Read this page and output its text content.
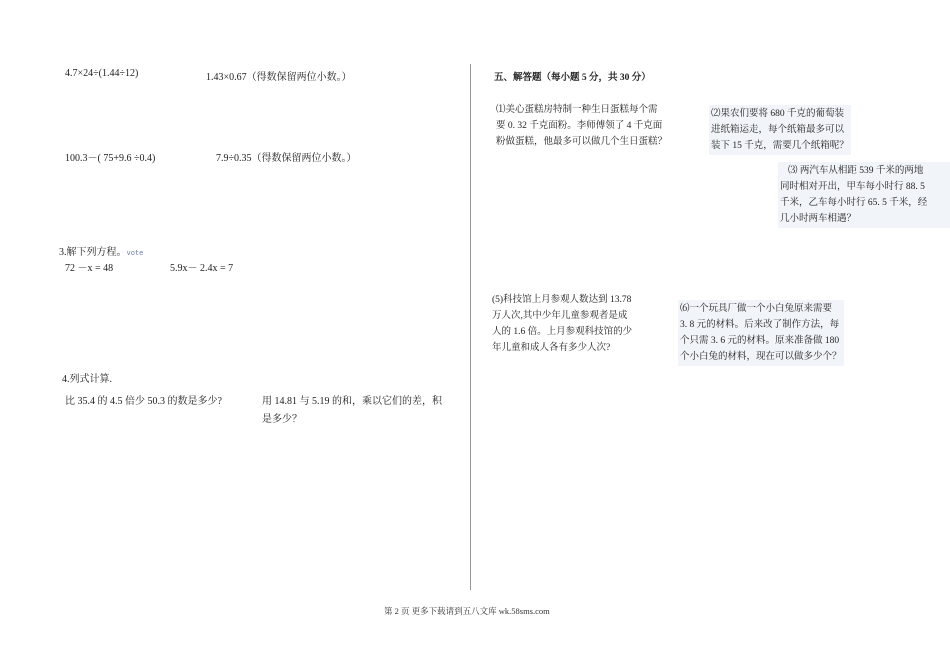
4.7×24÷(1.44÷12)	1.43×0.67（得数保留两位小数。）
100.3－( 75+9.6 ÷0.4)	7.9÷0.35（得数保留两位小数。）
3.解下列方程。vote
72 －x = 48	5.9x－ 2.4x = 7
4.列式计算.
比 35.4 的 4.5 倍少 50.3 的数是多少?	用 14.81 与 5.19 的和，乘以它们的差，积
是多少？
五、解答题（每小题 5 分，共 30 分）
⑴美心蛋糕房特制一种生日蛋糕每个需
要 0. 32 千克面粉。李师傅领了 4 千克面
粉做蛋糕，他最多可以做几个生日蛋糕？
⑵果农们要将 680 千克的葡萄装
进纸箱运走，每个纸箱最多可以
装下 15 千克，需要几个纸箱呢？
⑶ 两汽车从相距 539 千米的两地
同时相对开出，甲车每小时行 88. 5
千米，乙车每小时行 65. 5 千米，经
几小时两车相遇？
(5)科技馆上月参观人数达到 13.78
万人次,其中少年儿童参观者是成
人的 1.6 倍。上月参观科技馆的少
年儿童和成人各有多少人次?
⑹一个玩具厂做一个小白兔原来需要
3. 8 元的材料。后来改了制作方法，每
个只需 3. 6 元的材料。原来准备做 180
个小白兔的材料，现在可以做多少个？
第 2 页 更多下载请到五八文库 wk.58sms.com
